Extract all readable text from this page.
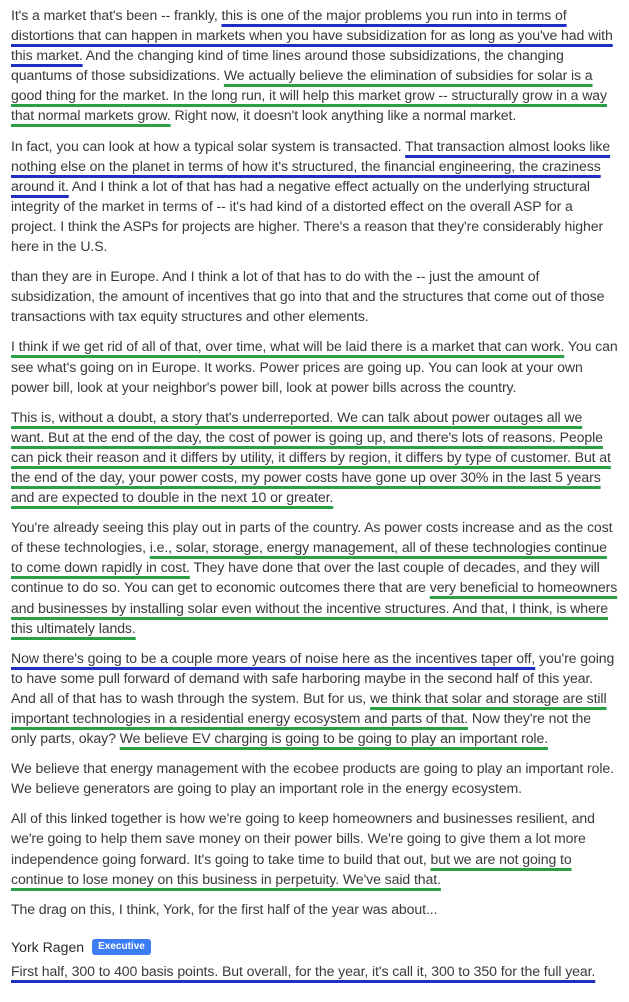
It's a market that's been -- frankly, this is one of the major problems you run into in terms of distortions that can happen in markets when you have subsidization for as long as you've had with this market. And the changing kind of time lines around those subsidizations, the changing quantums of those subsidizations. We actually believe the elimination of subsidies for solar is a good thing for the market. In the long run, it will help this market grow -- structurally grow in a way that normal markets grow. Right now, it doesn't look anything like a normal market.

In fact, you can look at how a typical solar system is transacted. That transaction almost looks like nothing else on the planet in terms of how it's structured, the financial engineering, the craziness around it. And I think a lot of that has had a negative effect actually on the underlying structural integrity of the market in terms of -- it's had kind of a distorted effect on the overall ASP for a project. I think the ASPs for projects are higher. There's a reason that they're considerably higher here in the U.S.

than they are in Europe. And I think a lot of that has to do with the -- just the amount of subsidization, the amount of incentives that go into that and the structures that come out of those transactions with tax equity structures and other elements.

I think if we get rid of all of that, over time, what will be laid there is a market that can work. You can see what's going on in Europe. It works. Power prices are going up. You can look at your own power bill, look at your neighbor's power bill, look at power bills across the country.

This is, without a doubt, a story that's underreported. We can talk about power outages all we want. But at the end of the day, the cost of power is going up, and there's lots of reasons. People can pick their reason and it differs by utility, it differs by region, it differs by type of customer. But at the end of the day, your power costs, my power costs have gone up over 30% in the last 5 years and are expected to double in the next 10 or greater.

You're already seeing this play out in parts of the country. As power costs increase and as the cost of these technologies, i.e., solar, storage, energy management, all of these technologies continue to come down rapidly in cost. They have done that over the last couple of decades, and they will continue to do so. You can get to economic outcomes there that are very beneficial to homeowners and businesses by installing solar even without the incentive structures. And that, I think, is where this ultimately lands.

Now there's going to be a couple more years of noise here as the incentives taper off, you're going to have some pull forward of demand with safe harboring maybe in the second half of this year. And all of that has to wash through the system. But for us, we think that solar and storage are still important technologies in a residential energy ecosystem and parts of that. Now they're not the only parts, okay? We believe EV charging is going to be going to play an important role.

We believe that energy management with the ecobee products are going to play an important role. We believe generators are going to play an important role in the energy ecosystem.

All of this linked together is how we're going to keep homeowners and businesses resilient, and we're going to help them save money on their power bills. We're going to give them a lot more independence going forward. It's going to take time to build that out, but we are not going to continue to lose money on this business in perpetuity. We've said that.

The drag on this, I think, York, for the first half of the year was about...

York Ragen	Executive

First half, 300 to 400 basis points. But overall, for the year, it's call it, 300 to 350 for the full year.
